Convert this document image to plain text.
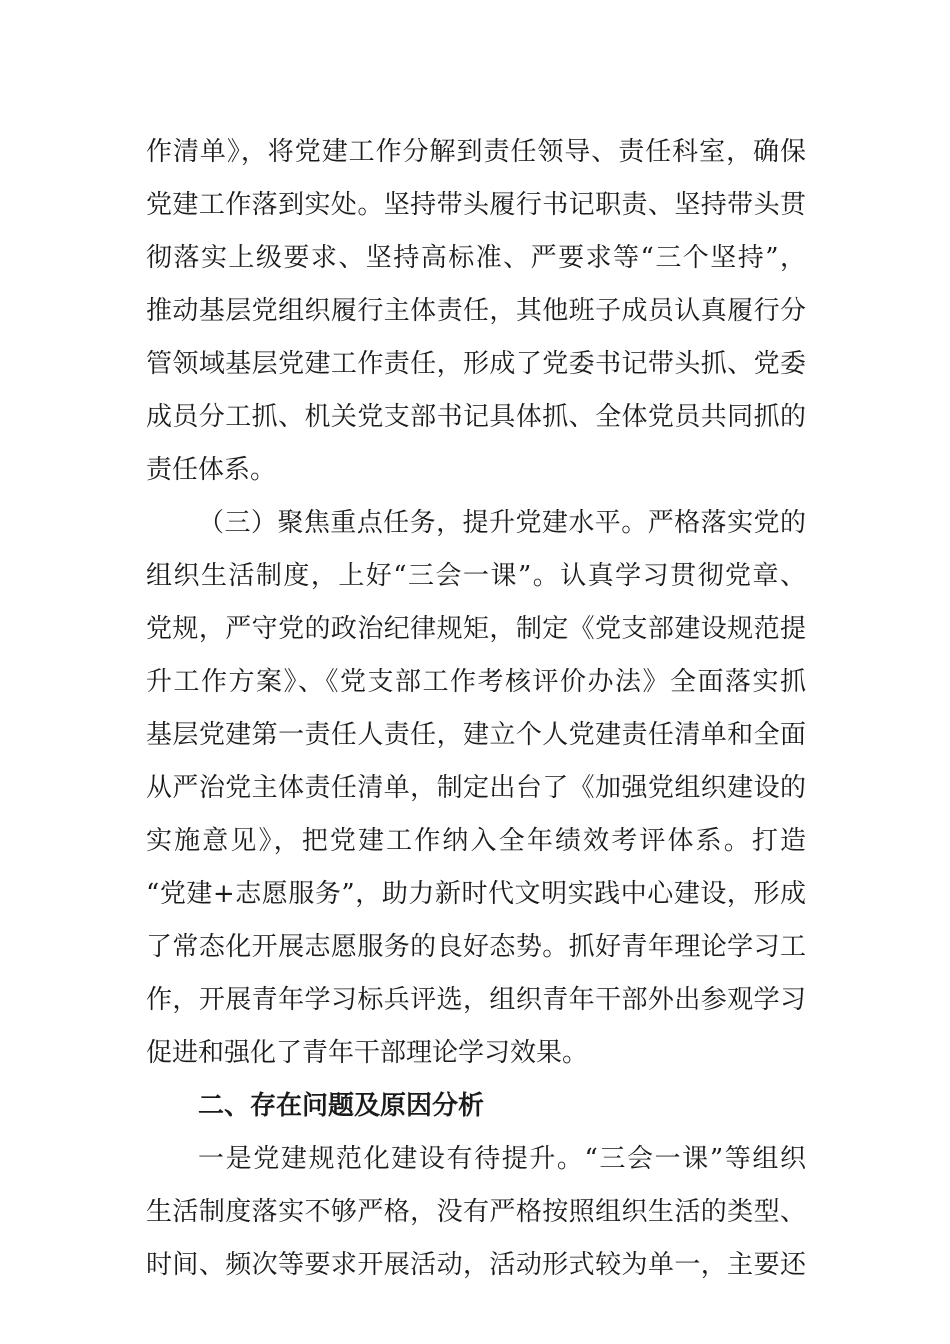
作清单》，将党建工作分解到责任领导、责任科室，确保
党建工作落到实处。坚持带头履行书记职责、坚持带头贯
彻落实上级要求、坚持高标准、严要求等“三个坚持”，
推动基层党组织履行主体责任，其他班子成员认真履行分
管领域基层党建工作责任，形成了党委书记带头抓、党委
成员分工抓、机关党支部书记具体抓、全体党员共同抓的
责任体系。
（三）聚焦重点任务，提升党建水平。严格落实党的
组织生活制度，上好“三会一课”。认真学习贯彻党章、
党规，严守党的政治纪律规矩，制定《党支部建设规范提
升工作方案》、《党支部工作考核评价办法》全面落实抓
基层党建第一责任人责任，建立个人党建责任清单和全面
从严治党主体责任清单，制定出台了《加强党组织建设的
实施意见》，把党建工作纳入全年绩效考评体系。打造
“党建+志愿服务”，助力新时代文明实践中心建设，形成
了常态化开展志愿服务的良好态势。抓好青年理论学习工
作，开展青年学习标兵评选，组织青年干部外出参观学习
促进和强化了青年干部理论学习效果。
二、存在问题及原因分析
一是党建规范化建设有待提升。“三会一课”等组织
生活制度落实不够严格，没有严格按照组织生活的类型、
时间、频次等要求开展活动，活动形式较为单一，主要还
